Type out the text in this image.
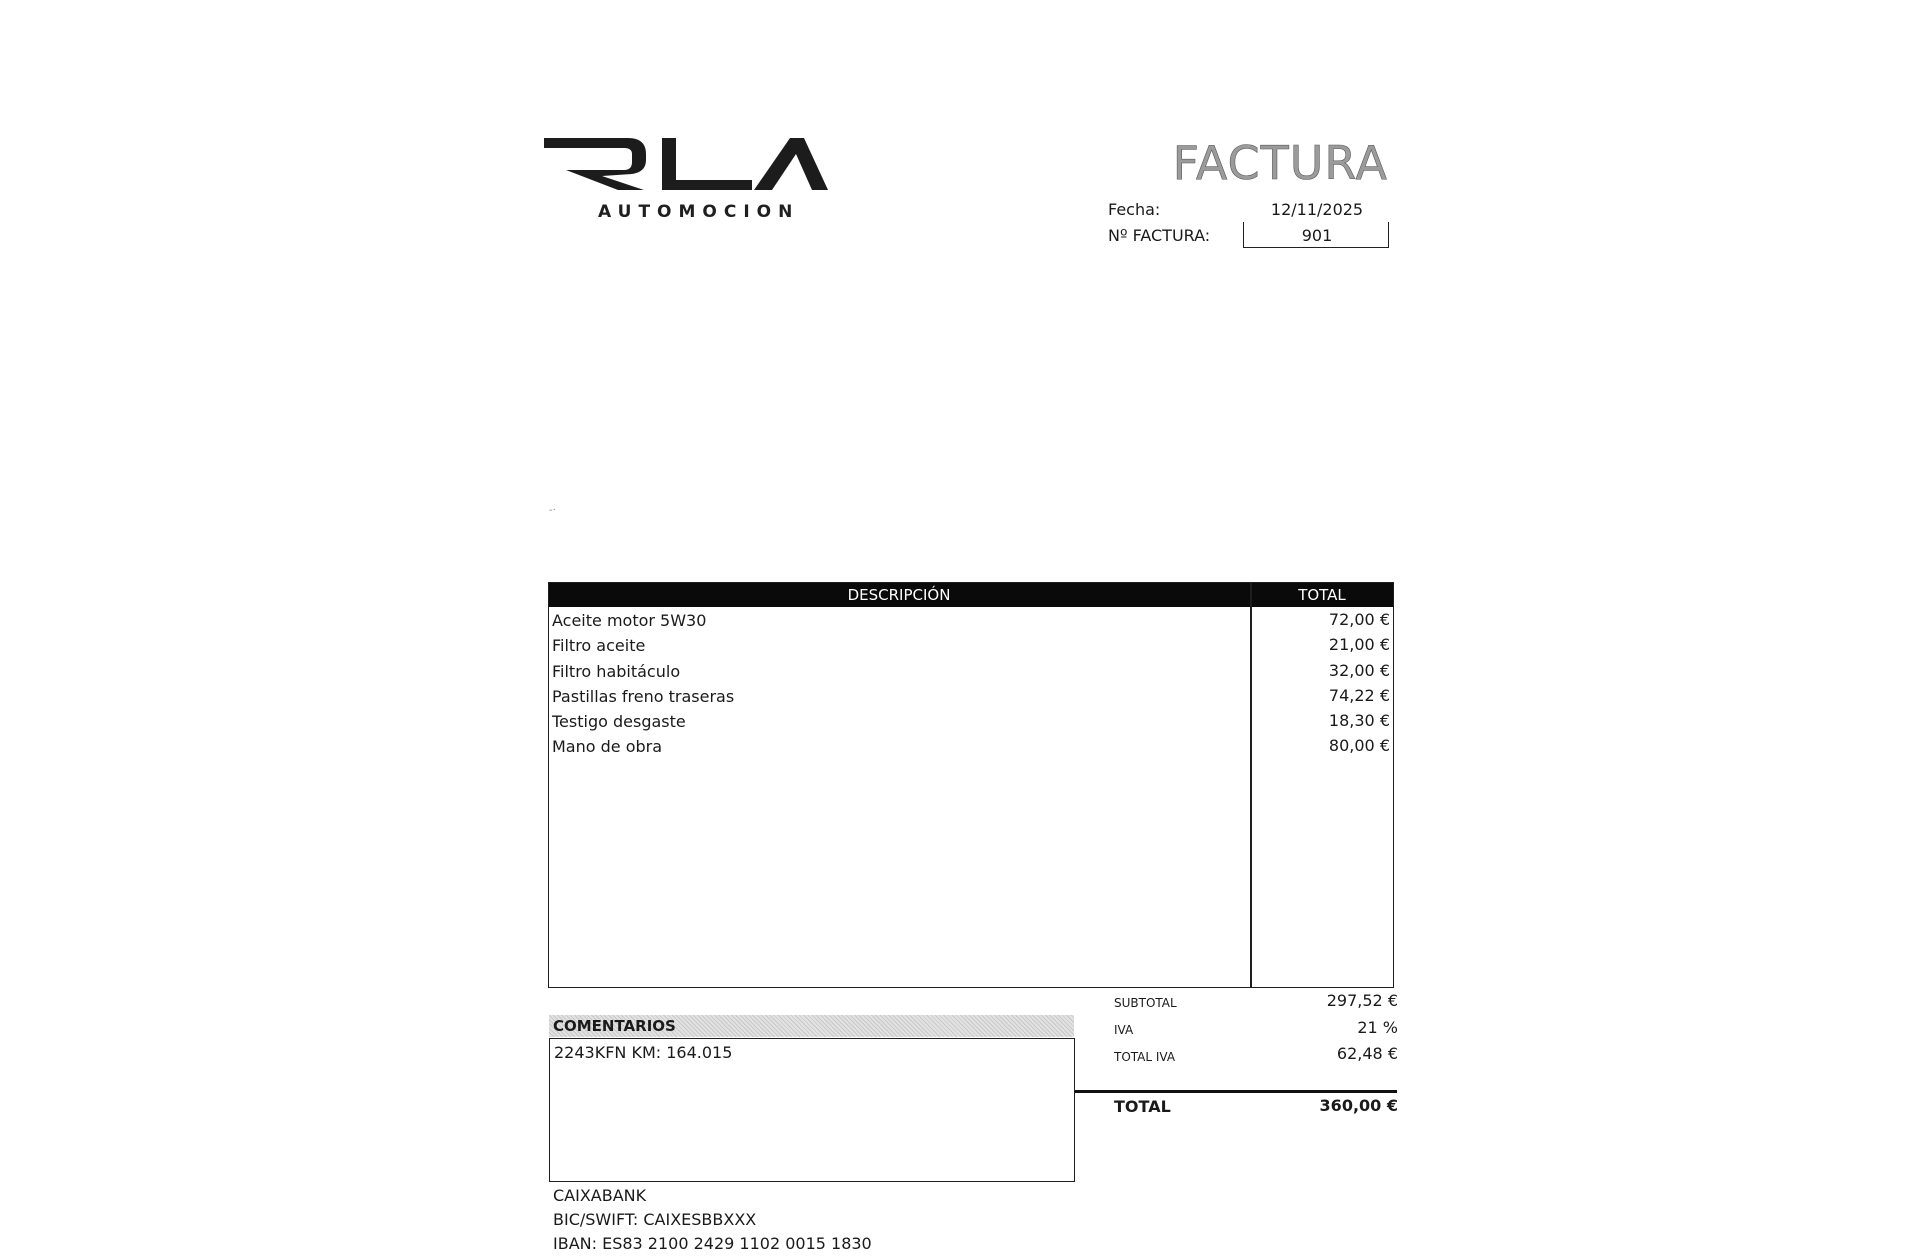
AUTOMOCION
FACTURA
Fecha:	12/11/2025
Nº FACTURA:	901
-·
DESCRIPCIÓN	TOTAL
Aceite motor 5W30	72,00 €
Filtro aceite	21,00 €
Filtro habitáculo	32,00 €
Pastillas freno traseras	74,22 €
Testigo desgaste	18,30 €
Mano de obra	80,00 €
SUBTOTAL	297,52 €
IVA	21 %
TOTAL IVA	62,48 €
TOTAL	360,00 €
COMENTARIOS
2243KFN KM: 164.015
CAIXABANK
BIC/SWIFT: CAIXESBBXXX
IBAN: ES83 2100 2429 1102 0015 1830
